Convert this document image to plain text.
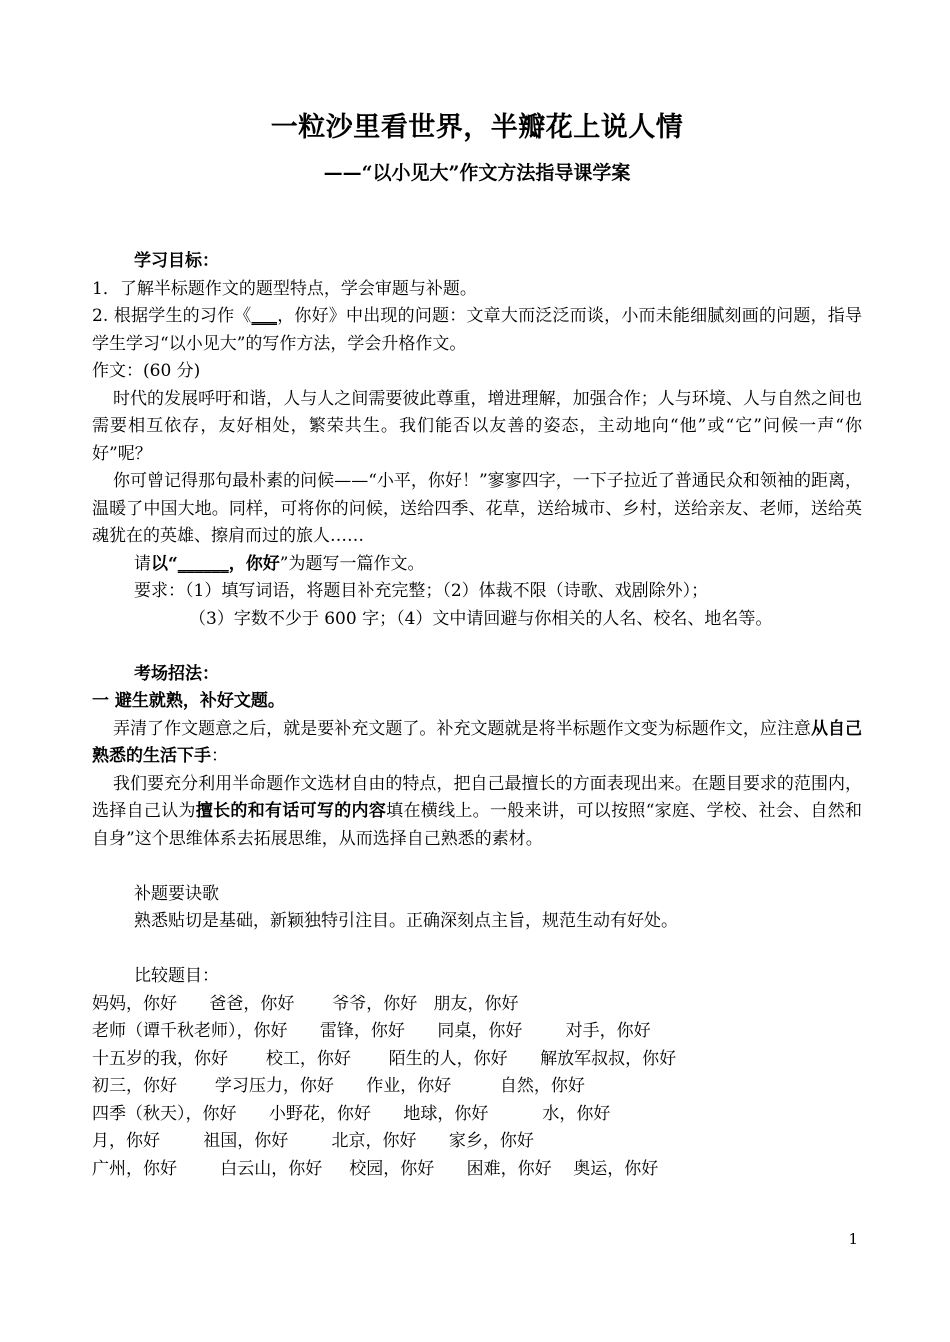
一粒沙里看世界，半瓣花上说人情
——“以小见大”作文方法指导课学案

学习目标：

1．了解半标题作文的题型特点，学会审题与补题。

2. 根据学生的习作《___，你好》中出现的问题：文章大而泛泛而谈，小而未能细腻刻画的问题，指导学生学习“以小见大”的写作方法，学会升格作文。

作文：(60 分)

时代的发展呼吁和谐，人与人之间需要彼此尊重，增进理解，加强合作；人与环境、人与自然之间也需要相互依存，友好相处，繁荣共生。我们能否以友善的姿态，主动地向“他”或“它”问候一声“你好”呢？

你可曾记得那句最朴素的问候——“小平，你好！”寥寥四字，一下子拉近了普通民众和领袖的距离，温暖了中国大地。同样，可将你的问候，送给四季、花草，送给城市、乡村，送给亲友、老师，送给英魂犹在的英雄、擦肩而过的旅人……

请以“______，你好”为题写一篇作文。

要求：（1）填写词语，将题目补充完整；（2）体裁不限（诗歌、戏剧除外）；

（3）字数不少于 600 字；（4）文中请回避与你相关的人名、校名、地名等。

考场招法：

一 避生就熟，补好文题。

弄清了作文题意之后，就是要补充文题了。补充文题就是将半标题作文变为标题作文，应注意从自己熟悉的生活下手：

我们要充分利用半命题作文选材自由的特点，把自己最擅长的方面表现出来。在题目要求的范围内，选择自己认为擅长的和有话可写的内容填在横线上。一般来讲，可以按照“家庭、学校、社会、自然和自身”这个思维体系去拓展思维，从而选择自己熟悉的素材。

补题要诀歌

熟悉贴切是基础，新颖独特引注目。正确深刻点主旨，规范生动有好处。

比较题目：

妈妈，你好      爸爸，你好       爷爷，你好   朋友，你好

老师（谭千秋老师），你好      雷锋，你好      同桌，你好        对手，你好

十五岁的我，你好       校工，你好       陌生的人，你好      解放军叔叔，你好

初三，你好       学习压力，你好      作业，你好         自然，你好

四季（秋天），你好      小野花，你好      地球，你好          水，你好

月，你好        祖国，你好        北京，你好      家乡，你好

广州，你好        白云山，你好     校园，你好      困难，你好    奥运，你好

1
